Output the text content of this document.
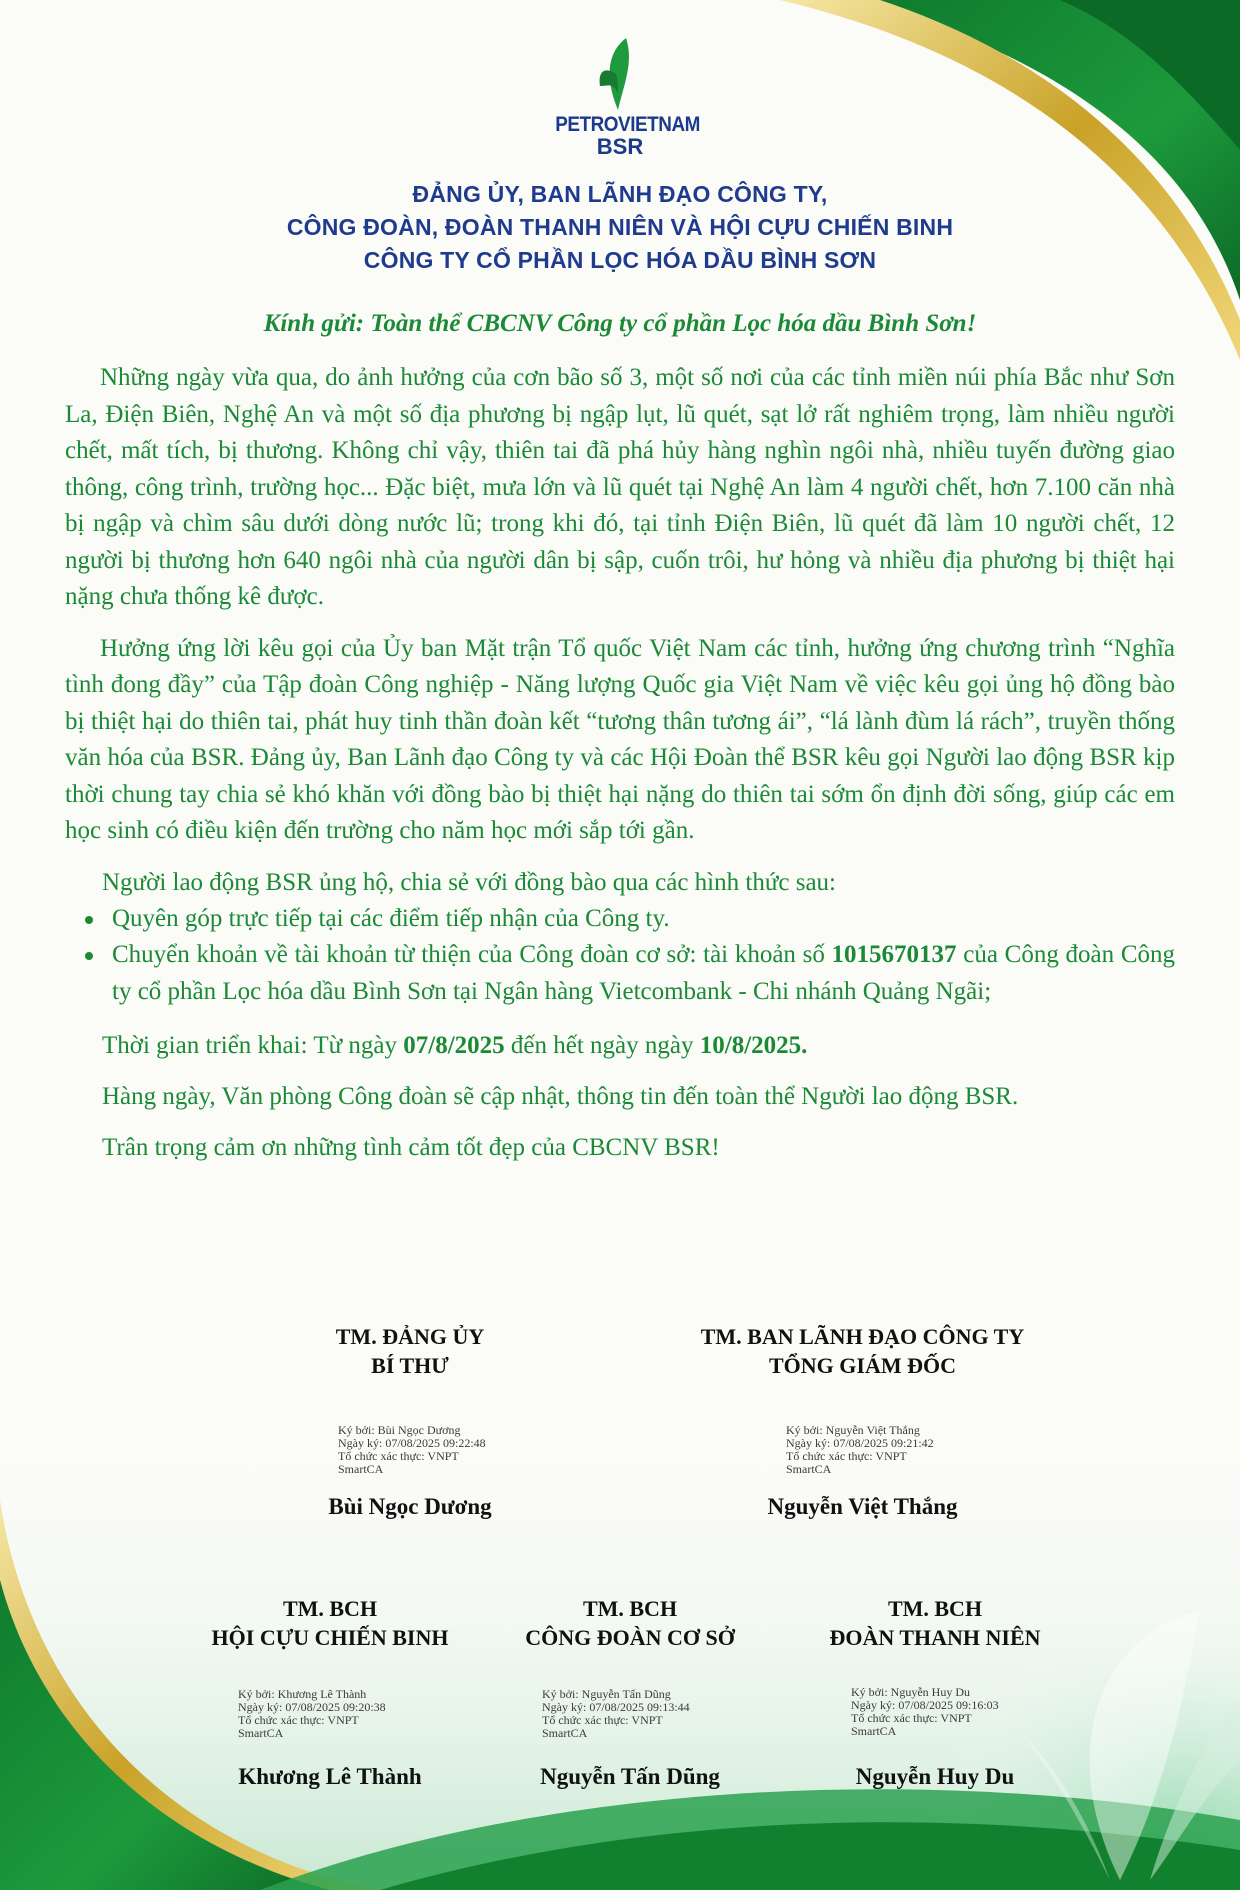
PETROVIETNAM
BSR
ĐẢNG ỦY, BAN LÃNH ĐẠO CÔNG TY,
CÔNG ĐOÀN, ĐOÀN THANH NIÊN VÀ HỘI CỰU CHIẾN BINH
CÔNG TY CỔ PHẦN LỌC HÓA DẦU BÌNH SƠN
Kính gửi: Toàn thể CBCNV Công ty cổ phần Lọc hóa dầu Bình Sơn!

Những ngày vừa qua, do ảnh hưởng của cơn bão số 3, một số nơi của các tỉnh miền núi phía Bắc như Sơn La, Điện Biên, Nghệ An và một số địa phương bị ngập lụt, lũ quét, sạt lở rất nghiêm trọng, làm nhiều người chết, mất tích, bị thương. Không chỉ vậy, thiên tai đã phá hủy hàng nghìn ngôi nhà, nhiều tuyến đường giao thông, công trình, trường học... Đặc biệt, mưa lớn và lũ quét tại Nghệ An làm 4 người chết, hơn 7.100 căn nhà bị ngập và chìm sâu dưới dòng nước lũ; trong khi đó, tại tỉnh Điện Biên, lũ quét đã làm 10 người chết, 12 người bị thương hơn 640 ngôi nhà của người dân bị sập, cuốn trôi, hư hỏng và nhiều địa phương bị thiệt hại nặng chưa thống kê được.

Hưởng ứng lời kêu gọi của Ủy ban Mặt trận Tổ quốc Việt Nam các tỉnh, hưởng ứng chương trình “Nghĩa tình đong đầy” của Tập đoàn Công nghiệp - Năng lượng Quốc gia Việt Nam về việc kêu gọi ủng hộ đồng bào bị thiệt hại do thiên tai, phát huy tinh thần đoàn kết “tương thân tương ái”, “lá lành đùm lá rách”, truyền thống văn hóa của BSR. Đảng ủy, Ban Lãnh đạo Công ty và các Hội Đoàn thể BSR kêu gọi Người lao động BSR kịp thời chung tay chia sẻ khó khăn với đồng bào bị thiệt hại nặng do thiên tai sớm ổn định đời sống, giúp các em học sinh có điều kiện đến trường cho năm học mới sắp tới gần.

Người lao động BSR ủng hộ, chia sẻ với đồng bào qua các hình thức sau:

Quyên góp trực tiếp tại các điểm tiếp nhận của Công ty.
Chuyển khoản về tài khoản từ thiện của Công đoàn cơ sở: tài khoản số 1015670137 của Công đoàn Công ty cổ phần Lọc hóa dầu Bình Sơn tại Ngân hàng Vietcombank - Chi nhánh Quảng Ngãi;

Thời gian triển khai: Từ ngày 07/8/2025 đến hết ngày ngày 10/8/2025.

Hàng ngày, Văn phòng Công đoàn sẽ cập nhật, thông tin đến toàn thể Người lao động BSR.

Trân trọng cảm ơn những tình cảm tốt đẹp của CBCNV BSR!

TM. ĐẢNG ỦY
BÍ THƯ
Ký bởi: Bùi Ngọc Dương
Ngày ký: 07/08/2025 09:22:48
Tổ chức xác thực: VNPT
SmartCA
Bùi Ngọc Dương
TM. BAN LÃNH ĐẠO CÔNG TY
TỔNG GIÁM ĐỐC
Ký bởi: Nguyễn Việt Thắng
Ngày ký: 07/08/2025 09:21:42
Tổ chức xác thực: VNPT
SmartCA
Nguyễn Việt Thắng
TM. BCH
HỘI CỰU CHIẾN BINH
Ký bởi: Khương Lê Thành
Ngày ký: 07/08/2025 09:20:38
Tổ chức xác thực: VNPT
SmartCA
Khương Lê Thành
TM. BCH
CÔNG ĐOÀN CƠ SỞ
Ký bởi: Nguyễn Tấn Dũng
Ngày ký: 07/08/2025 09:13:44
Tổ chức xác thực: VNPT
SmartCA
Nguyễn Tấn Dũng
TM. BCH
ĐOÀN THANH NIÊN
Ký bởi: Nguyễn Huy Du
Ngày ký: 07/08/2025 09:16:03
Tổ chức xác thực: VNPT
SmartCA
Nguyễn Huy Du
